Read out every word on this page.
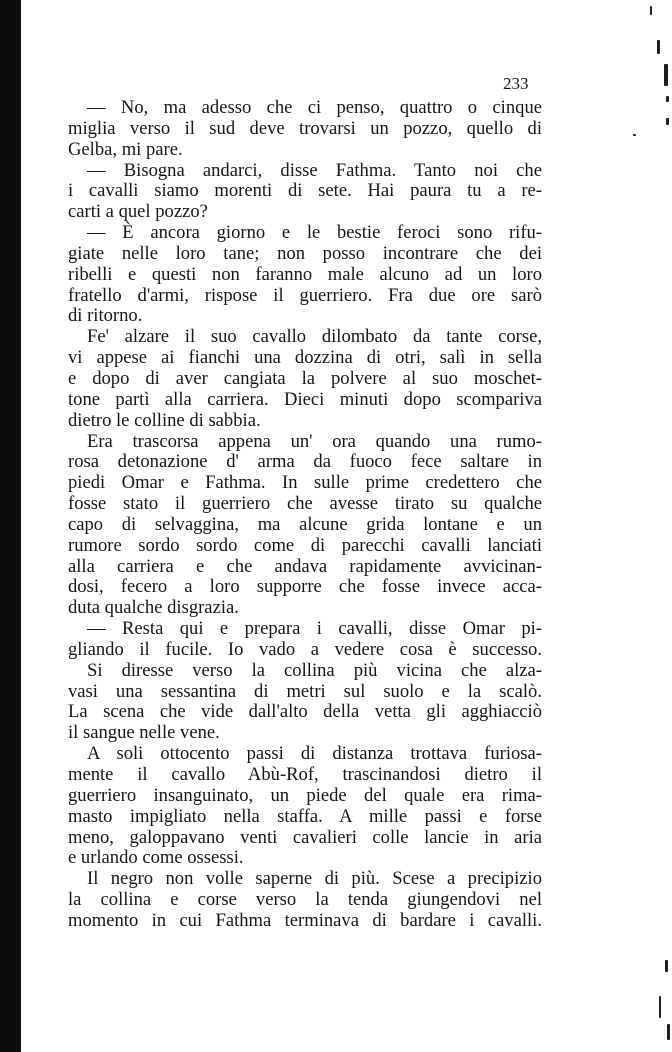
233
— No, ma adesso che ci penso, quattro o cinque
miglia verso il sud deve trovarsi un pozzo, quello di
Gelba, mi pare.
— Bisogna andarci, disse Fathma. Tanto noi che
i cavalli siamo morenti di sete. Hai paura tu a re-
carti a quel pozzo?
— È ancora giorno e le bestie feroci sono rifu-
giate nelle loro tane; non posso incontrare che dei
ribelli e questi non faranno male alcuno ad un loro
fratello d'armi, rispose il guerriero. Fra due ore sarò
di ritorno.
Fe' alzare il suo cavallo dilombato da tante corse,
vi appese ai fianchi una dozzina di otri, salì in sella
e dopo di aver cangiata la polvere al suo moschet-
tone partì alla carriera. Dieci minuti dopo scompariva
dietro le colline di sabbia.
Era trascorsa appena un' ora quando una rumo-
rosa detonazione d' arma da fuoco fece saltare in
piedi Omar e Fathma. In sulle prime credettero che
fosse stato il guerriero che avesse tirato su qualche
capo di selvaggina, ma alcune grida lontane e un
rumore sordo sordo come di parecchi cavalli lanciati
alla carriera e che andava rapidamente avvicinan-
dosi, fecero a loro supporre che fosse invece acca-
duta qualche disgrazia.
— Resta qui e prepara i cavalli, disse Omar pi-
gliando il fucile. Io vado a vedere cosa è successo.
Si diresse verso la collina più vicina che alza-
vasi una sessantina di metri sul suolo e la scalò.
La scena che vide dall'alto della vetta gli agghiacciò
il sangue nelle vene.
A soli ottocento passi di distanza trottava furiosa-
mente il cavallo Abù-Rof, trascinandosi dietro il
guerriero insanguinato, un piede del quale era rima-
masto impigliato nella staffa. A mille passi e forse
meno, galoppavano venti cavalieri colle lancie in aria
e urlando come ossessi.
Il negro non volle saperne di più. Scese a precipizio
la collina e corse verso la tenda giungendovi nel
momento in cui Fathma terminava di bardare i cavalli.
